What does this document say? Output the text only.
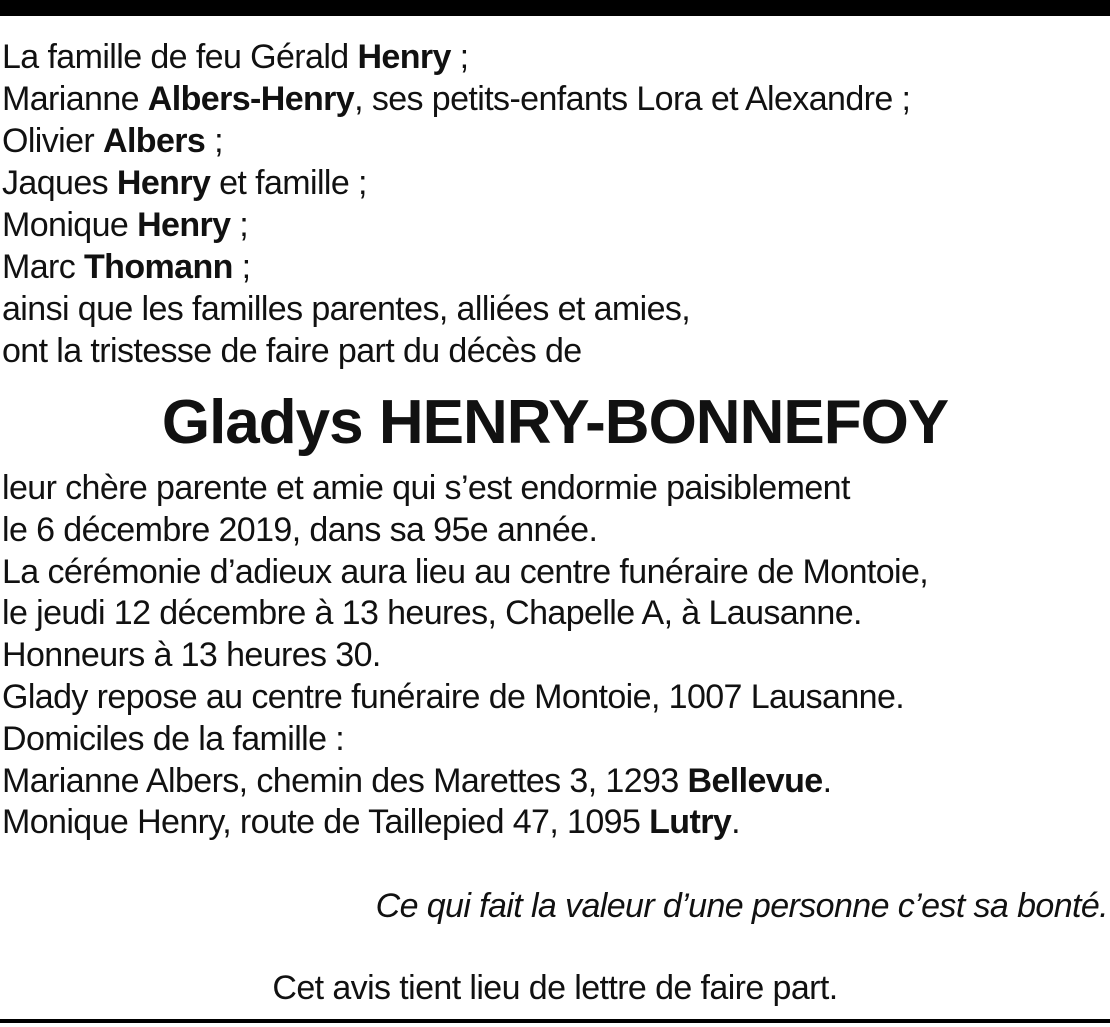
La famille de feu Gérald Henry ;
Marianne Albers-Henry, ses petits-enfants Lora et Alexandre ;
Olivier Albers ;
Jaques Henry et famille ;
Monique Henry ;
Marc Thomann ;
ainsi que les familles parentes, alliées et amies,
ont la tristesse de faire part du décès de
Gladys HENRY-BONNEFOY
leur chère parente et amie qui s’est endormie paisiblement
le 6 décembre 2019, dans sa 95e année.
La cérémonie d’adieux aura lieu au centre funéraire de Montoie,
le jeudi 12 décembre à 13 heures, Chapelle A, à Lausanne.
Honneurs à 13 heures 30.
Glady repose au centre funéraire de Montoie, 1007 Lausanne.
Domiciles de la famille :
Marianne Albers, chemin des Marettes 3, 1293 Bellevue.
Monique Henry, route de Taillepied 47, 1095 Lutry.
Ce qui fait la valeur d’une personne c’est sa bonté.
Cet avis tient lieu de lettre de faire part.
